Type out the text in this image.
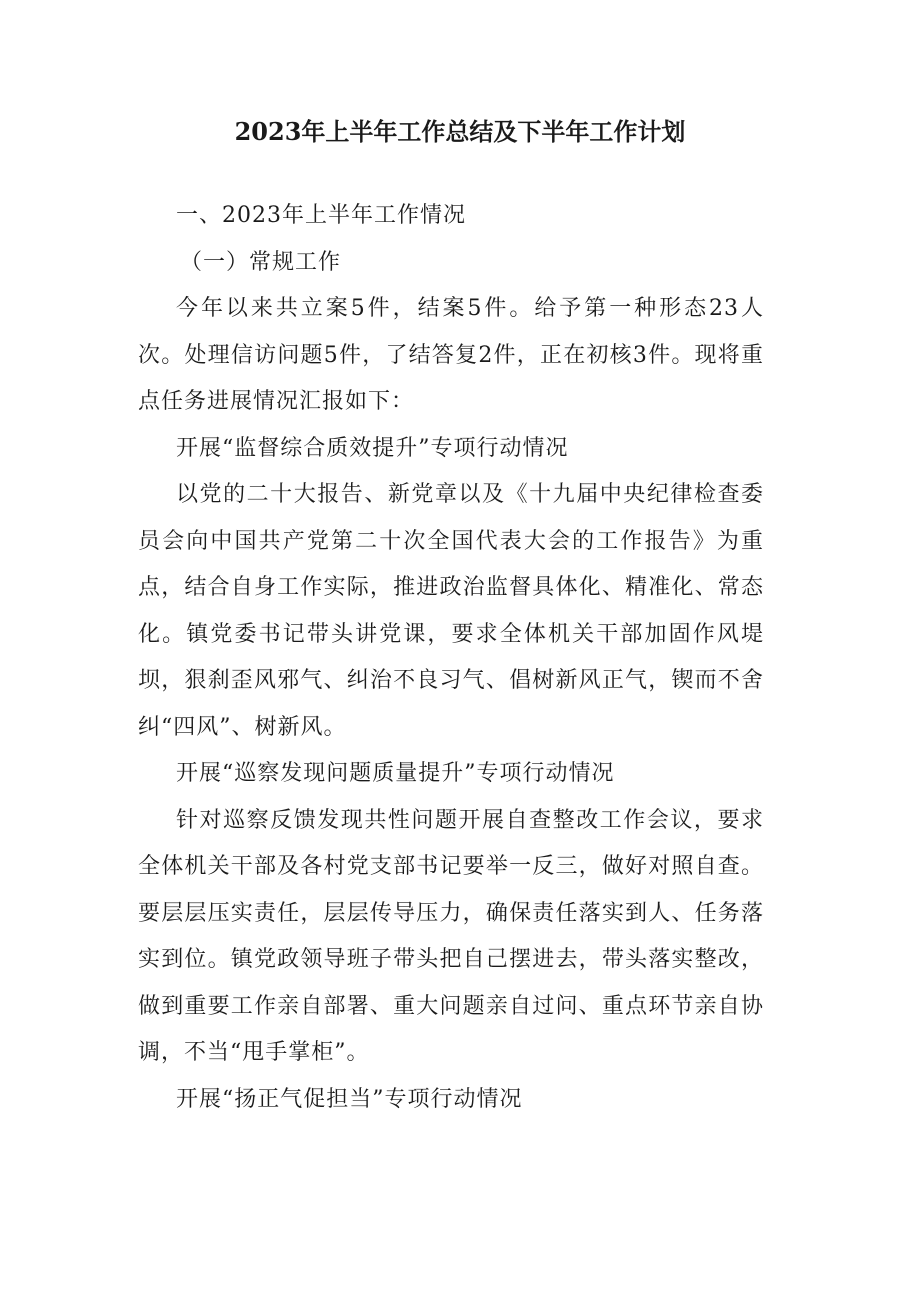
2023年上半年工作总结及下半年工作计划

一、2023年上半年工作情况

（一）常规工作

今年以来共立案5件，结案5件。给予第一种形态23人次。处理信访问题5件，了结答复2件，正在初核3件。现将重点任务进展情况汇报如下：

开展“监督综合质效提升”专项行动情况

以党的二十大报告、新党章以及《十九届中央纪律检查委员会向中国共产党第二十次全国代表大会的工作报告》为重点，结合自身工作实际，推进政治监督具体化、精准化、常态化。镇党委书记带头讲党课，要求全体机关干部加固作风堤坝，狠刹歪风邪气、纠治不良习气、倡树新风正气，锲而不舍纠“四风”、树新风。

开展“巡察发现问题质量提升”专项行动情况

针对巡察反馈发现共性问题开展自查整改工作会议，要求全体机关干部及各村党支部书记要举一反三，做好对照自查。要层层压实责任，层层传导压力，确保责任落实到人、任务落实到位。镇党政领导班子带头把自己摆进去，带头落实整改，做到重要工作亲自部署、重大问题亲自过问、重点环节亲自协调，不当“甩手掌柜”。

开展“扬正气促担当”专项行动情况
